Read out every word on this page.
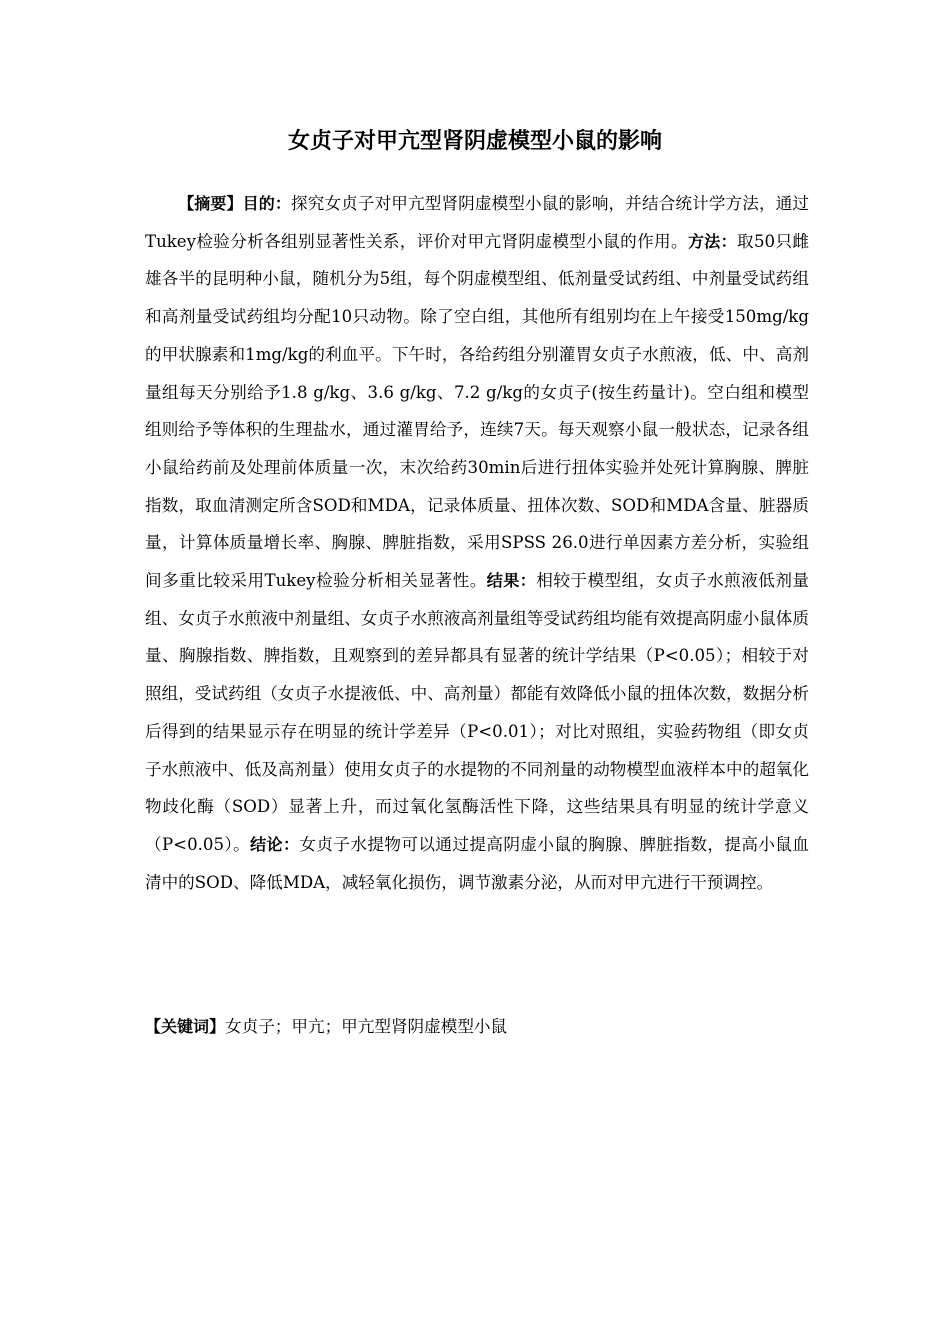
女贞子对甲亢型肾阴虚模型小鼠的影响

【摘要】目的：探究女贞子对甲亢型肾阴虚模型小鼠的影响，并结合统计学方法，通过Tukey检验分析各组别显著性关系，评价对甲亢肾阴虚模型小鼠的作用。方法：取50只雌雄各半的昆明种小鼠，随机分为5组，每个阴虚模型组、低剂量受试药组、中剂量受试药组和高剂量受试药组均分配10只动物。除了空白组，其他所有组别均在上午接受150mg/kg的甲状腺素和1mg/kg的利血平。下午时，各给药组分别灌胃女贞子水煎液，低、中、高剂量组每天分别给予1.8 g/kg、3.6 g/kg、7.2 g/kg的女贞子(按生药量计)。空白组和模型组则给予等体积的生理盐水，通过灌胃给予，连续7天。每天观察小鼠一般状态，记录各组小鼠给药前及处理前体质量一次，末次给药30min后进行扭体实验并处死计算胸腺、脾脏指数，取血清测定所含SOD和MDA，记录体质量、扭体次数、SOD和MDA含量、脏器质量，计算体质量增长率、胸腺、脾脏指数，采用SPSS 26.0进行单因素方差分析，实验组间多重比较采用Tukey检验分析相关显著性。结果：相较于模型组，女贞子水煎液低剂量组、女贞子水煎液中剂量组、女贞子水煎液高剂量组等受试药组均能有效提高阴虚小鼠体质量、胸腺指数、脾指数，且观察到的差异都具有显著的统计学结果（P<0.05）；相较于对照组，受试药组（女贞子水提液低、中、高剂量）都能有效降低小鼠的扭体次数，数据分析后得到的结果显示存在明显的统计学差异（P<0.01）；对比对照组，实验药物组（即女贞子水煎液中、低及高剂量）使用女贞子的水提物的不同剂量的动物模型血液样本中的超氧化物歧化酶（SOD）显著上升，而过氧化氢酶活性下降，这些结果具有明显的统计学意义（P<0.05）。结论：女贞子水提物可以通过提高阴虚小鼠的胸腺、脾脏指数，提高小鼠血清中的SOD、降低MDA，减轻氧化损伤，调节激素分泌，从而对甲亢进行干预调控。

【关键词】女贞子；甲亢；甲亢型肾阴虚模型小鼠
